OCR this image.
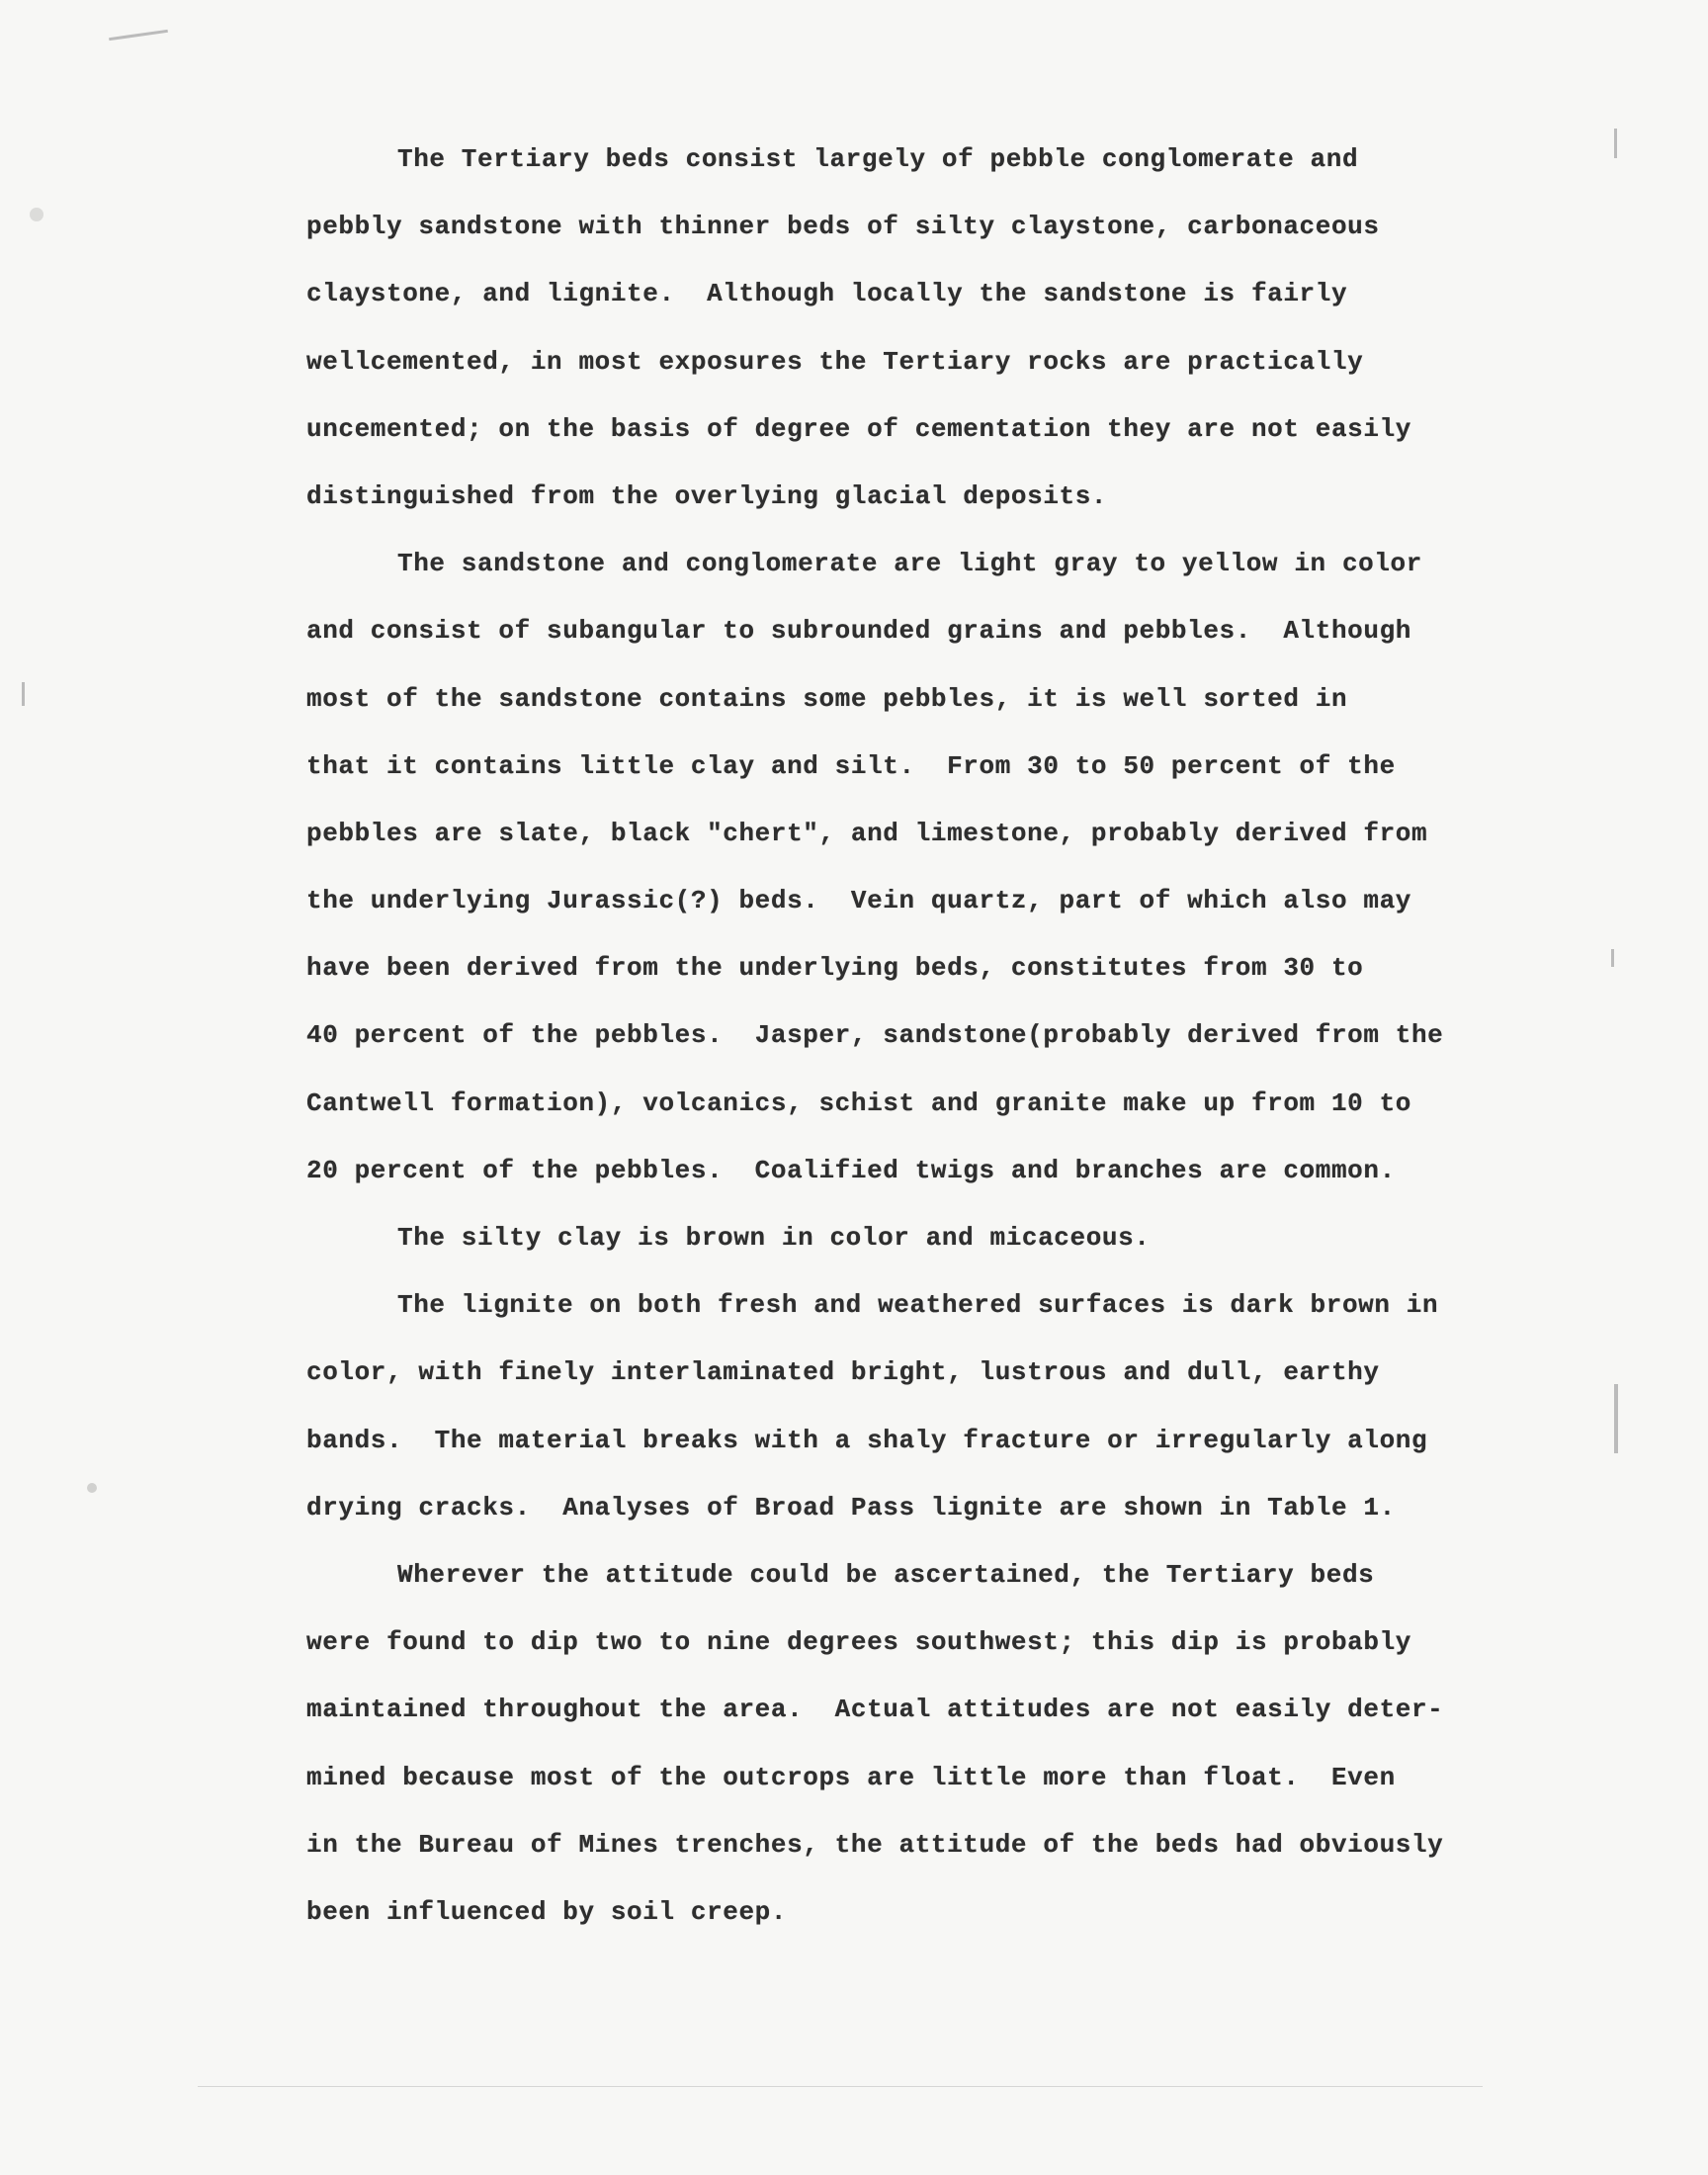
The Tertiary beds consist largely of pebble conglomerate and
pebbly sandstone with thinner beds of silty claystone, carbonaceous
claystone, and lignite.  Although locally the sandstone is fairly
wellcemented, in most exposures the Tertiary rocks are practically
uncemented; on the basis of degree of cementation they are not easily
distinguished from the overlying glacial deposits.
The sandstone and conglomerate are light gray to yellow in color
and consist of subangular to subrounded grains and pebbles.  Although
most of the sandstone contains some pebbles, it is well sorted in
that it contains little clay and silt.  From 30 to 50 percent of the
pebbles are slate, black "chert", and limestone, probably derived from
the underlying Jurassic(?) beds.  Vein quartz, part of which also may
have been derived from the underlying beds, constitutes from 30 to
40 percent of the pebbles.  Jasper, sandstone(probably derived from the
Cantwell formation), volcanics, schist and granite make up from 10 to
20 percent of the pebbles.  Coalified twigs and branches are common.
The silty clay is brown in color and micaceous.
The lignite on both fresh and weathered surfaces is dark brown in
color, with finely interlaminated bright, lustrous and dull, earthy
bands.  The material breaks with a shaly fracture or irregularly along
drying cracks.  Analyses of Broad Pass lignite are shown in Table 1.
Wherever the attitude could be ascertained, the Tertiary beds
were found to dip two to nine degrees southwest; this dip is probably
maintained throughout the area.  Actual attitudes are not easily deter-
mined because most of the outcrops are little more than float.  Even
in the Bureau of Mines trenches, the attitude of the beds had obviously
been influenced by soil creep.
